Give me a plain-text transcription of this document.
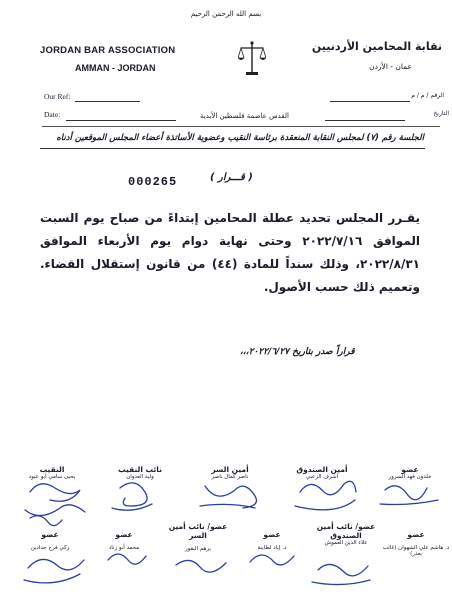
بسم الله الرحمن الرحيم
JORDAN BAR ASSOCIATION
AMMAN - JORDAN
نقابة المحامين الأردنيين
عمان - الأردن
Our Ref:	الرقم / م / م
Date:	القدس عاصمة فلسطين الأبدية	التاريخ
الجلسة رقم (٧) لمجلس النقابة المنعقدة برئاسة النقيب وعضوية الأساتذة أعضاء المجلس الموقعين أدناه
000265	( قـــرار )
يقـرر المجلس تحديد عطلة المحامين إبتداءً من صباح يوم السبت الموافق ٢٠٢٢/٧/١٦ وحتى نهاية دوام يوم الأربعاء الموافق ٢٠٢٢/٨/٣١، وذلك سنداً للمادة (٤٤) من قانون إستقلال القضاء. وتعميم ذلك حسب الأصول.
قراراً صدر بتاريخ ٢٠٢٢/٦/٢٧،،،
النقيب
يحيى سامي أبو عبود
نائب النقيب
وليد العدوان
أمين السر
ناصر كمال ناصر
أمين الصندوق
أشرف الزعبي
عضو
خلدون فهد السرور
عضو
زكي فرح حدادين
عضو
محمد أبو زناد
عضو/ نائب أمين السر
برهم البقور
عضو
د. إياد لطاينة
عضو/ نائب أمين الصندوق
علاء الدين العموش
عضو
د. هاشم علي الشهوان (غائب بعذر)
